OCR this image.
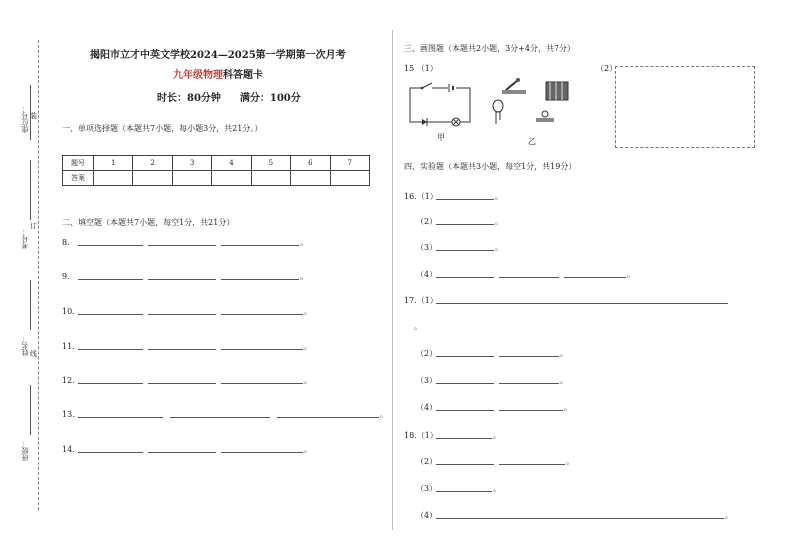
座位号： 装
考号：
订
姓名： 线
班级：
揭阳市立才中英文学校2024—2025第一学期第一次月考
九年级物理科答题卡
时长：80分钟 满分：100分
一、单项选择题（本题共7小题，每小题3分，共21分。）
题号	1	2	3	4	5	6	7
答案							
二、填空题（本题共7小题，每空1分，共21分）
8.	。
9.	。
10.	。
11.	。
12.	。
13.	。
14.	。
三、画图题（本题共2小题，3分+4分，共7分）
15 （1）
甲	乙
（2）
四、实验题（本题共3小题，每空1分，共19分）
16.（1）	。
（2）	。
（3）	。
（4）	。
17.（1）
。
（2）	。
（3）	。
（4）	。
18.（1）	。
（2）	。
（3）	。
（4）	。
